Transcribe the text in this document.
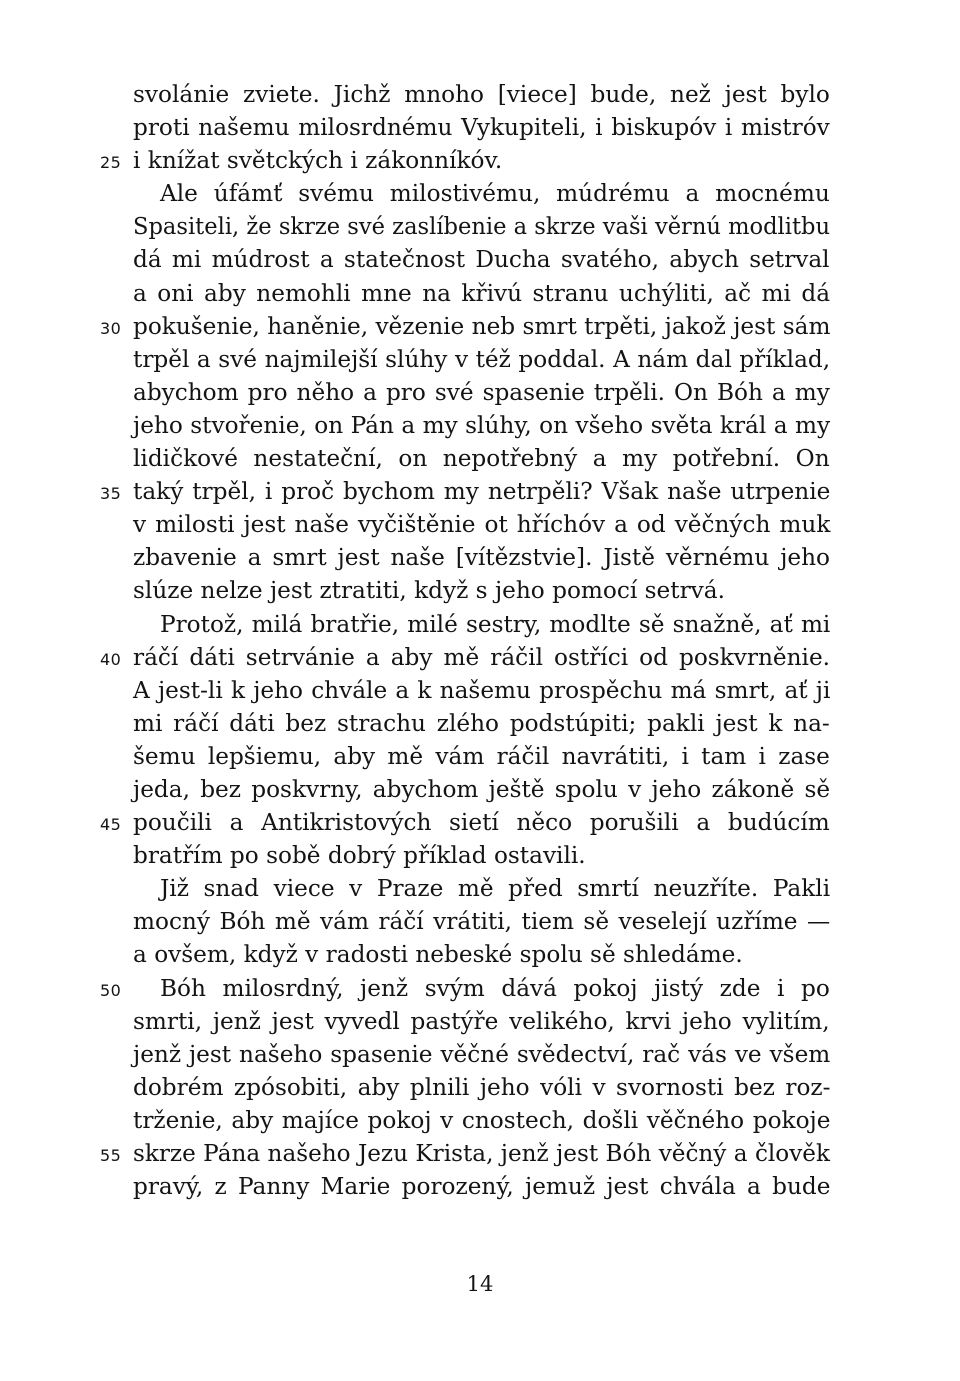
svolánie zviete. Jichž mnoho [viece] bude, než jest bylo
proti našemu milosrdnému Vykupiteli, i biskupóv i mistróv
25 i knížat světckých i zákonníkóv.
Ale úfámť svému milostivému, múdrému a mocnému
Spasiteli, že skrze své zaslíbenie a skrze vaši věrnú modlitbu
dá mi múdrost a statečnost Ducha svatého, abych setrval
a oni aby nemohli mne na křivú stranu uchýliti, ač mi dá
30 pokušenie, haněnie, vězenie neb smrt trpěti, jakož jest sám
trpěl a své najmilejší slúhy v též poddal. A nám dal příklad,
abychom pro něho a pro své spasenie trpěli. On Bóh a my
jeho stvořenie, on Pán a my slúhy, on všeho světa král a my
lidičkové nestateční, on nepotřebný a my potřební. On
35 taký trpěl, i proč bychom my netrpěli? Však naše utrpenie
v milosti jest naše vyčištěnie ot hříchóv a od věčných muk
zbavenie a smrt jest naše [vítězstvie]. Jistě věrnému jeho
slúze nelze jest ztratiti, když s jeho pomocí setrvá.
Protož, milá bratřie, milé sestry, modlte sě snažně, ať mi
40 ráčí dáti setrvánie a aby mě ráčil ostříci od poskvrněnie.
A jest-li k jeho chvále a k našemu prospěchu má smrt, ať ji
mi ráčí dáti bez strachu zlého podstúpiti; pakli jest k na-
šemu lepšiemu, aby mě vám ráčil navrátiti, i tam i zase
jeda, bez poskvrny, abychom ještě spolu v jeho zákoně sě
45 poučili a Antikristových sietí něco porušili a budúcím
bratřím po sobě dobrý příklad ostavili.
Již snad viece v Praze mě před smrtí neuzříte. Pakli
mocný Bóh mě vám ráčí vrátiti, tiem sě veselejí uzříme —
a ovšem, když v radosti nebeské spolu sě shledáme.
50 Bóh milosrdný, jenž svým dává pokoj jistý zde i po
smrti, jenž jest vyvedl pastýře velikého, krvi jeho vylitím,
jenž jest našeho spasenie věčné svědectví, rač vás ve všem
dobrém zpósobiti, aby plnili jeho vóli v svornosti bez roz-
trženie, aby majíce pokoj v cnostech, došli věčného pokoje
55 skrze Pána našeho Jezu Krista, jenž jest Bóh věčný a člověk
pravý, z Panny Marie porozený, jemuž jest chvála a bude
14
